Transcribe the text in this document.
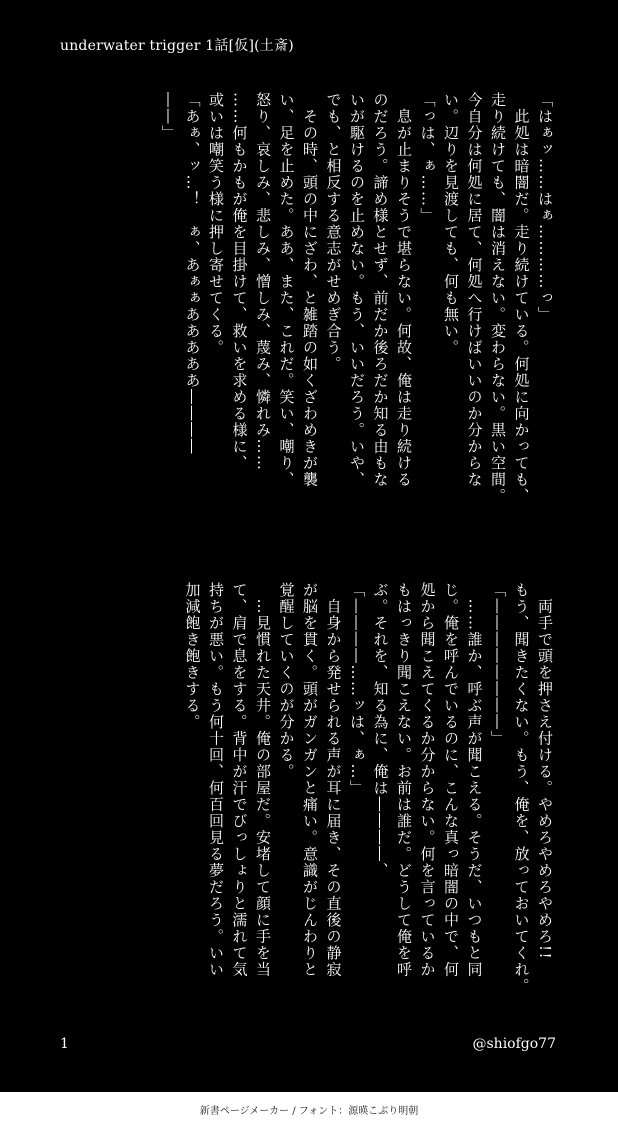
underwater trigger 1話[仮](土斎)
「はぁッ……はぁ…………っ」
　此処は暗闇だ。走り続けている。何処に向かっても、
走り続けても、闇は消えない。変わらない。黒い空間。
今自分は何処に居て、何処へ行けばいいのか分からな
い。辺りを見渡しても、何も無い。
「っは、ぁ……」
　息が止まりそうで堪らない。何故、俺は走り続ける
のだろう。諦め様とせず、前だか後ろだか知る由もな
いが駆けるのを止めない。もう、いいだろう。いや、
でも、と相反する意志がせめぎ合う。
　その時、頭の中にざわ、と雑踏の如くざわめきが襲
い、足を止めた。ああ、また、これだ。笑い、嘲り、
怒り、哀しみ、悲しみ、憎しみ、蔑み、憐れみ……
……何もかもが俺を目掛けて、救いを求める様に、
或いは嘲笑う様に押し寄せてくる。
「あぁ、ッ…！　ぁ、あぁぁあああああ――――
――」
　両手で頭を押さえ付ける。やめろやめろやめろ!!
もう、聞きたくない。もう、俺を、放っておいてくれ。
「――――――――」
　……誰か、呼ぶ声が聞こえる。そうだ、いつもと同
じ。俺を呼んでいるのに、こんな真っ暗闇の中で、何
処から聞こえてくるか分からない。何を言っているか
もはっきり聞こえない。お前は誰だ。どうして俺を呼
ぶ。それを、知る為に、俺は――――、
「――――……ッは、ぁ…」
　自身から発せられる声が耳に届き、その直後の静寂
が脳を貫く。頭がガンガンと痛い。意識がじんわりと
覚醒していくのが分かる。
　…見慣れた天井。俺の部屋だ。安堵して顔に手を当
て、肩で息をする。背中が汗でびっしょりと濡れて気
持ちが悪い。もう何十回、何百回見る夢だろう。いい
加減飽き飽きする。
1	@shiofgo77
新書ページメーカー / フォント：源暎こぶり明朝
